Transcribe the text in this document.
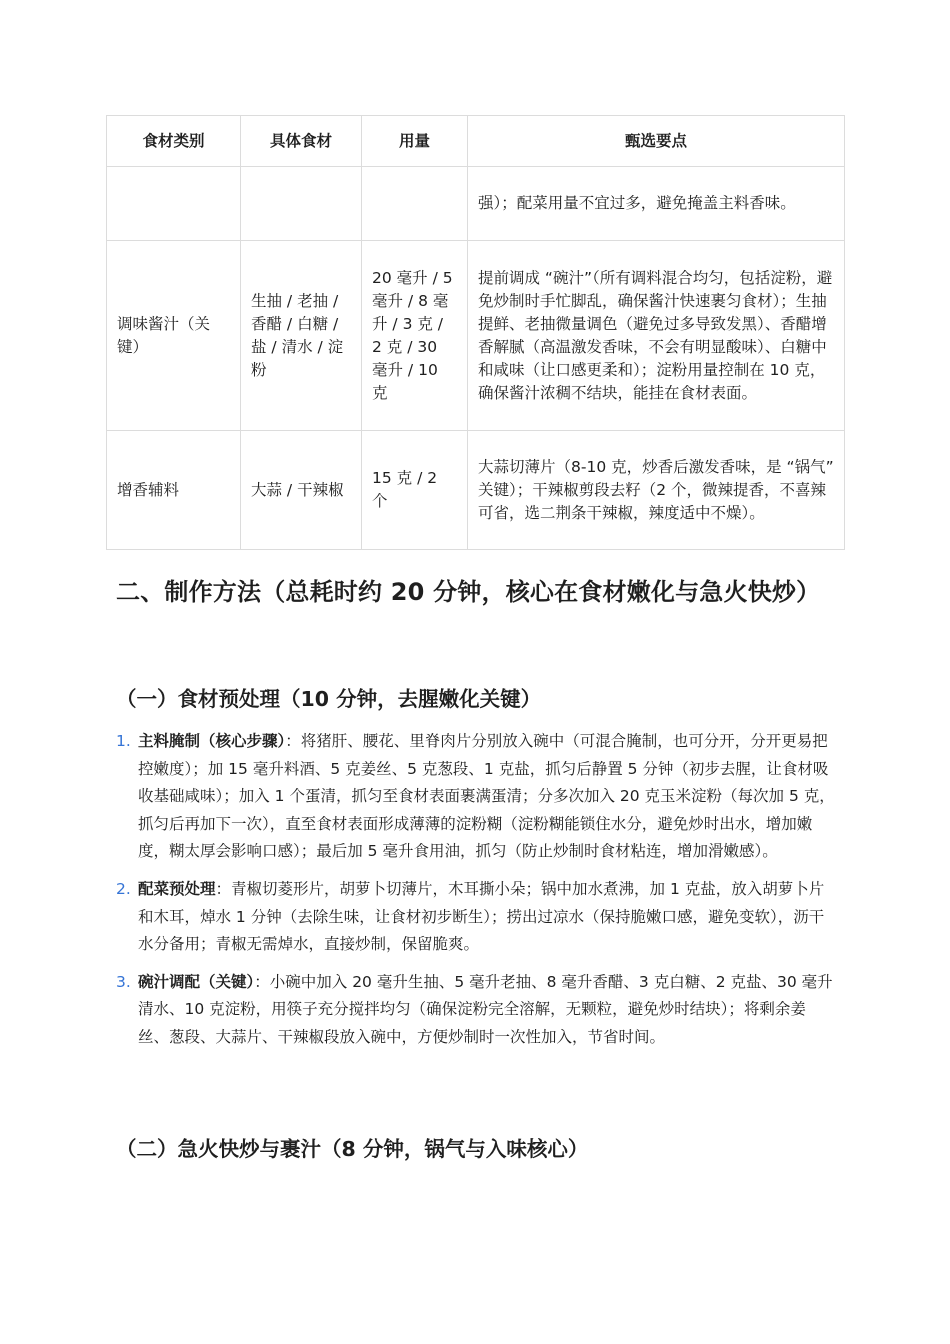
食材类别	具体食材	用量	甄选要点
			强）；配菜用量不宜过多，避免掩盖主料香味。
调味酱汁（关键）	生抽 / 老抽 / 香醋 / 白糖 / 盐 / 清水 / 淀粉	20 毫升 / 5 毫升 / 8 毫升 / 3 克 / 2 克 / 30 毫升 / 10 克	提前调成 “碗汁”（所有调料混合均匀，包括淀粉，避免炒制时手忙脚乱，确保酱汁快速裹匀食材）；生抽提鲜、老抽微量调色（避免过多导致发黑）、香醋增香解腻（高温激发香味，不会有明显酸味）、白糖中和咸味（让口感更柔和）；淀粉用量控制在 10 克，确保酱汁浓稠不结块，能挂在食材表面。
增香辅料	大蒜 / 干辣椒	15 克 / 2 个	大蒜切薄片（8-10 克，炒香后激发香味，是 “锅气” 关键）；干辣椒剪段去籽（2 个，微辣提香，不喜辣可省，选二荆条干辣椒，辣度适中不燥）。
二、制作方法（总耗时约 20 分钟，核心在食材嫩化与急火快炒）
（一）食材预处理（10 分钟，去腥嫩化关键）
1. 主料腌制（核心步骤）：将猪肝、腰花、里脊肉片分别放入碗中（可混合腌制，也可分开，分开更易把控嫩度）；加 15 毫升料酒、5 克姜丝、5 克葱段、1 克盐，抓匀后静置 5 分钟（初步去腥，让食材吸收基础咸味）；加入 1 个蛋清，抓匀至食材表面裹满蛋清；分多次加入 20 克玉米淀粉（每次加 5 克，抓匀后再加下一次），直至食材表面形成薄薄的淀粉糊（淀粉糊能锁住水分，避免炒时出水，增加嫩度，糊太厚会影响口感）；最后加 5 毫升食用油，抓匀（防止炒制时食材粘连，增加滑嫩感）。
2. 配菜预处理：青椒切菱形片，胡萝卜切薄片，木耳撕小朵；锅中加水煮沸，加 1 克盐，放入胡萝卜片和木耳，焯水 1 分钟（去除生味，让食材初步断生）；捞出过凉水（保持脆嫩口感，避免变软），沥干水分备用；青椒无需焯水，直接炒制，保留脆爽。
3. 碗汁调配（关键）：小碗中加入 20 毫升生抽、5 毫升老抽、8 毫升香醋、3 克白糖、2 克盐、30 毫升清水、10 克淀粉，用筷子充分搅拌均匀（确保淀粉完全溶解，无颗粒，避免炒时结块）；将剩余姜丝、葱段、大蒜片、干辣椒段放入碗中，方便炒制时一次性加入，节省时间。
（二）急火快炒与裹汁（8 分钟，锅气与入味核心）
